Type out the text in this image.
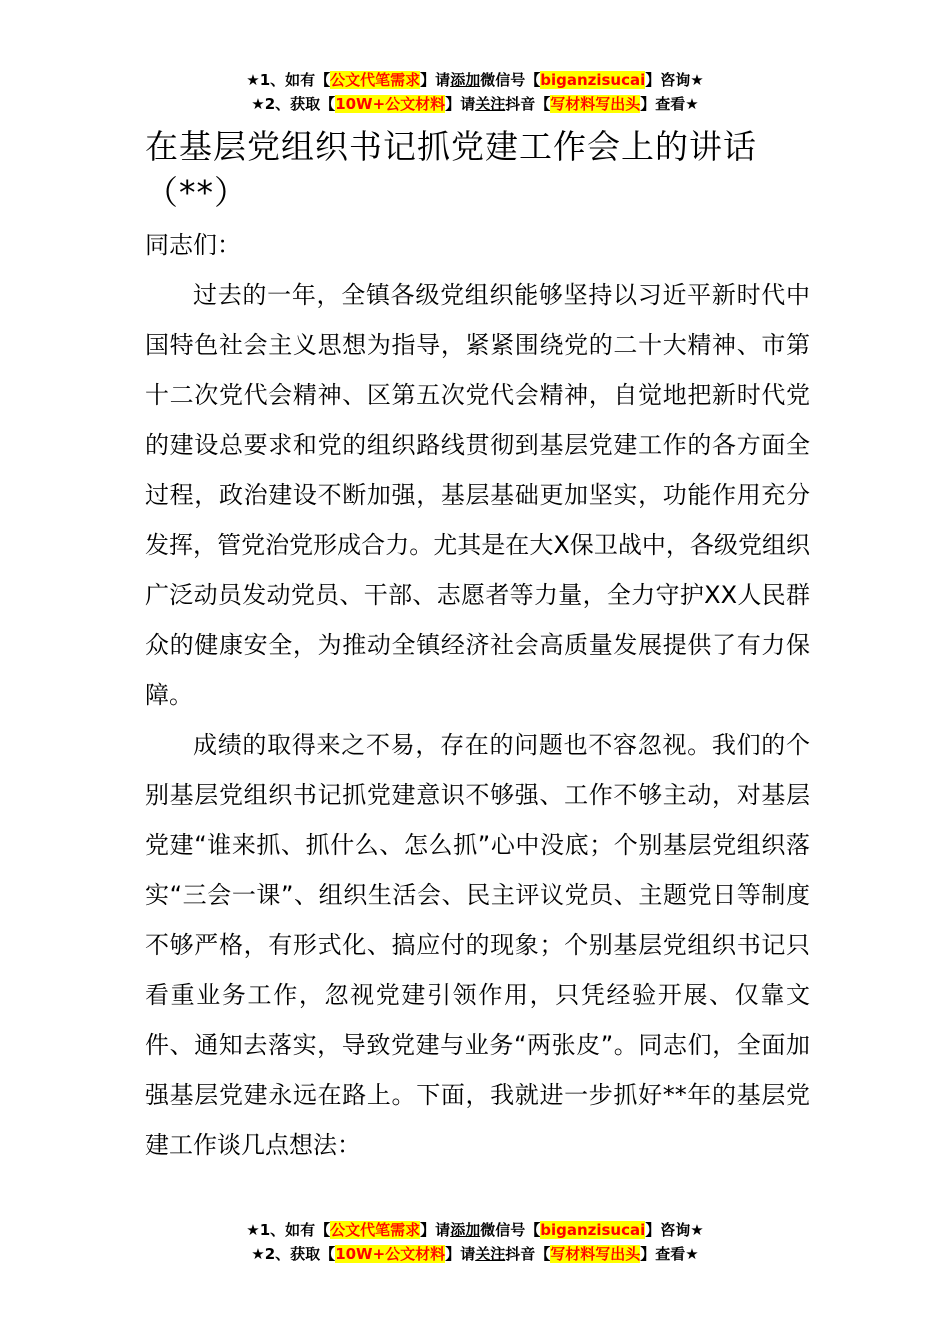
★1、如有【公文代笔需求】请添加微信号【biganzisucai】咨询★
★2、获取【10W+公文材料】请关注抖音【写材料写出头】查看★
在基层党组织书记抓党建工作会上的讲话（**）

同志们：

过去的一年，全镇各级党组织能够坚持以习近平新时代中国特色社会主义思想为指导，紧紧围绕党的二十大精神、市第十二次党代会精神、区第五次党代会精神，自觉地把新时代党的建设总要求和党的组织路线贯彻到基层党建工作的各方面全过程，政治建设不断加强，基层基础更加坚实，功能作用充分发挥，管党治党形成合力。尤其是在大X保卫战中，各级党组织广泛动员发动党员、干部、志愿者等力量，全力守护XX人民群众的健康安全，为推动全镇经济社会高质量发展提供了有力保障。

成绩的取得来之不易，存在的问题也不容忽视。我们的个别基层党组织书记抓党建意识不够强、工作不够主动，对基层党建“谁来抓、抓什么、怎么抓”心中没底；个别基层党组织落实“三会一课”、组织生活会、民主评议党员、主题党日等制度不够严格，有形式化、搞应付的现象；个别基层党组织书记只看重业务工作，忽视党建引领作用，只凭经验开展、仅靠文件、通知去落实，导致党建与业务“两张皮”。同志们，全面加强基层党建永远在路上。下面，我就进一步抓好**年的基层党建工作谈几点想法：

★1、如有【公文代笔需求】请添加微信号【biganzisucai】咨询★
★2、获取【10W+公文材料】请关注抖音【写材料写出头】查看★
